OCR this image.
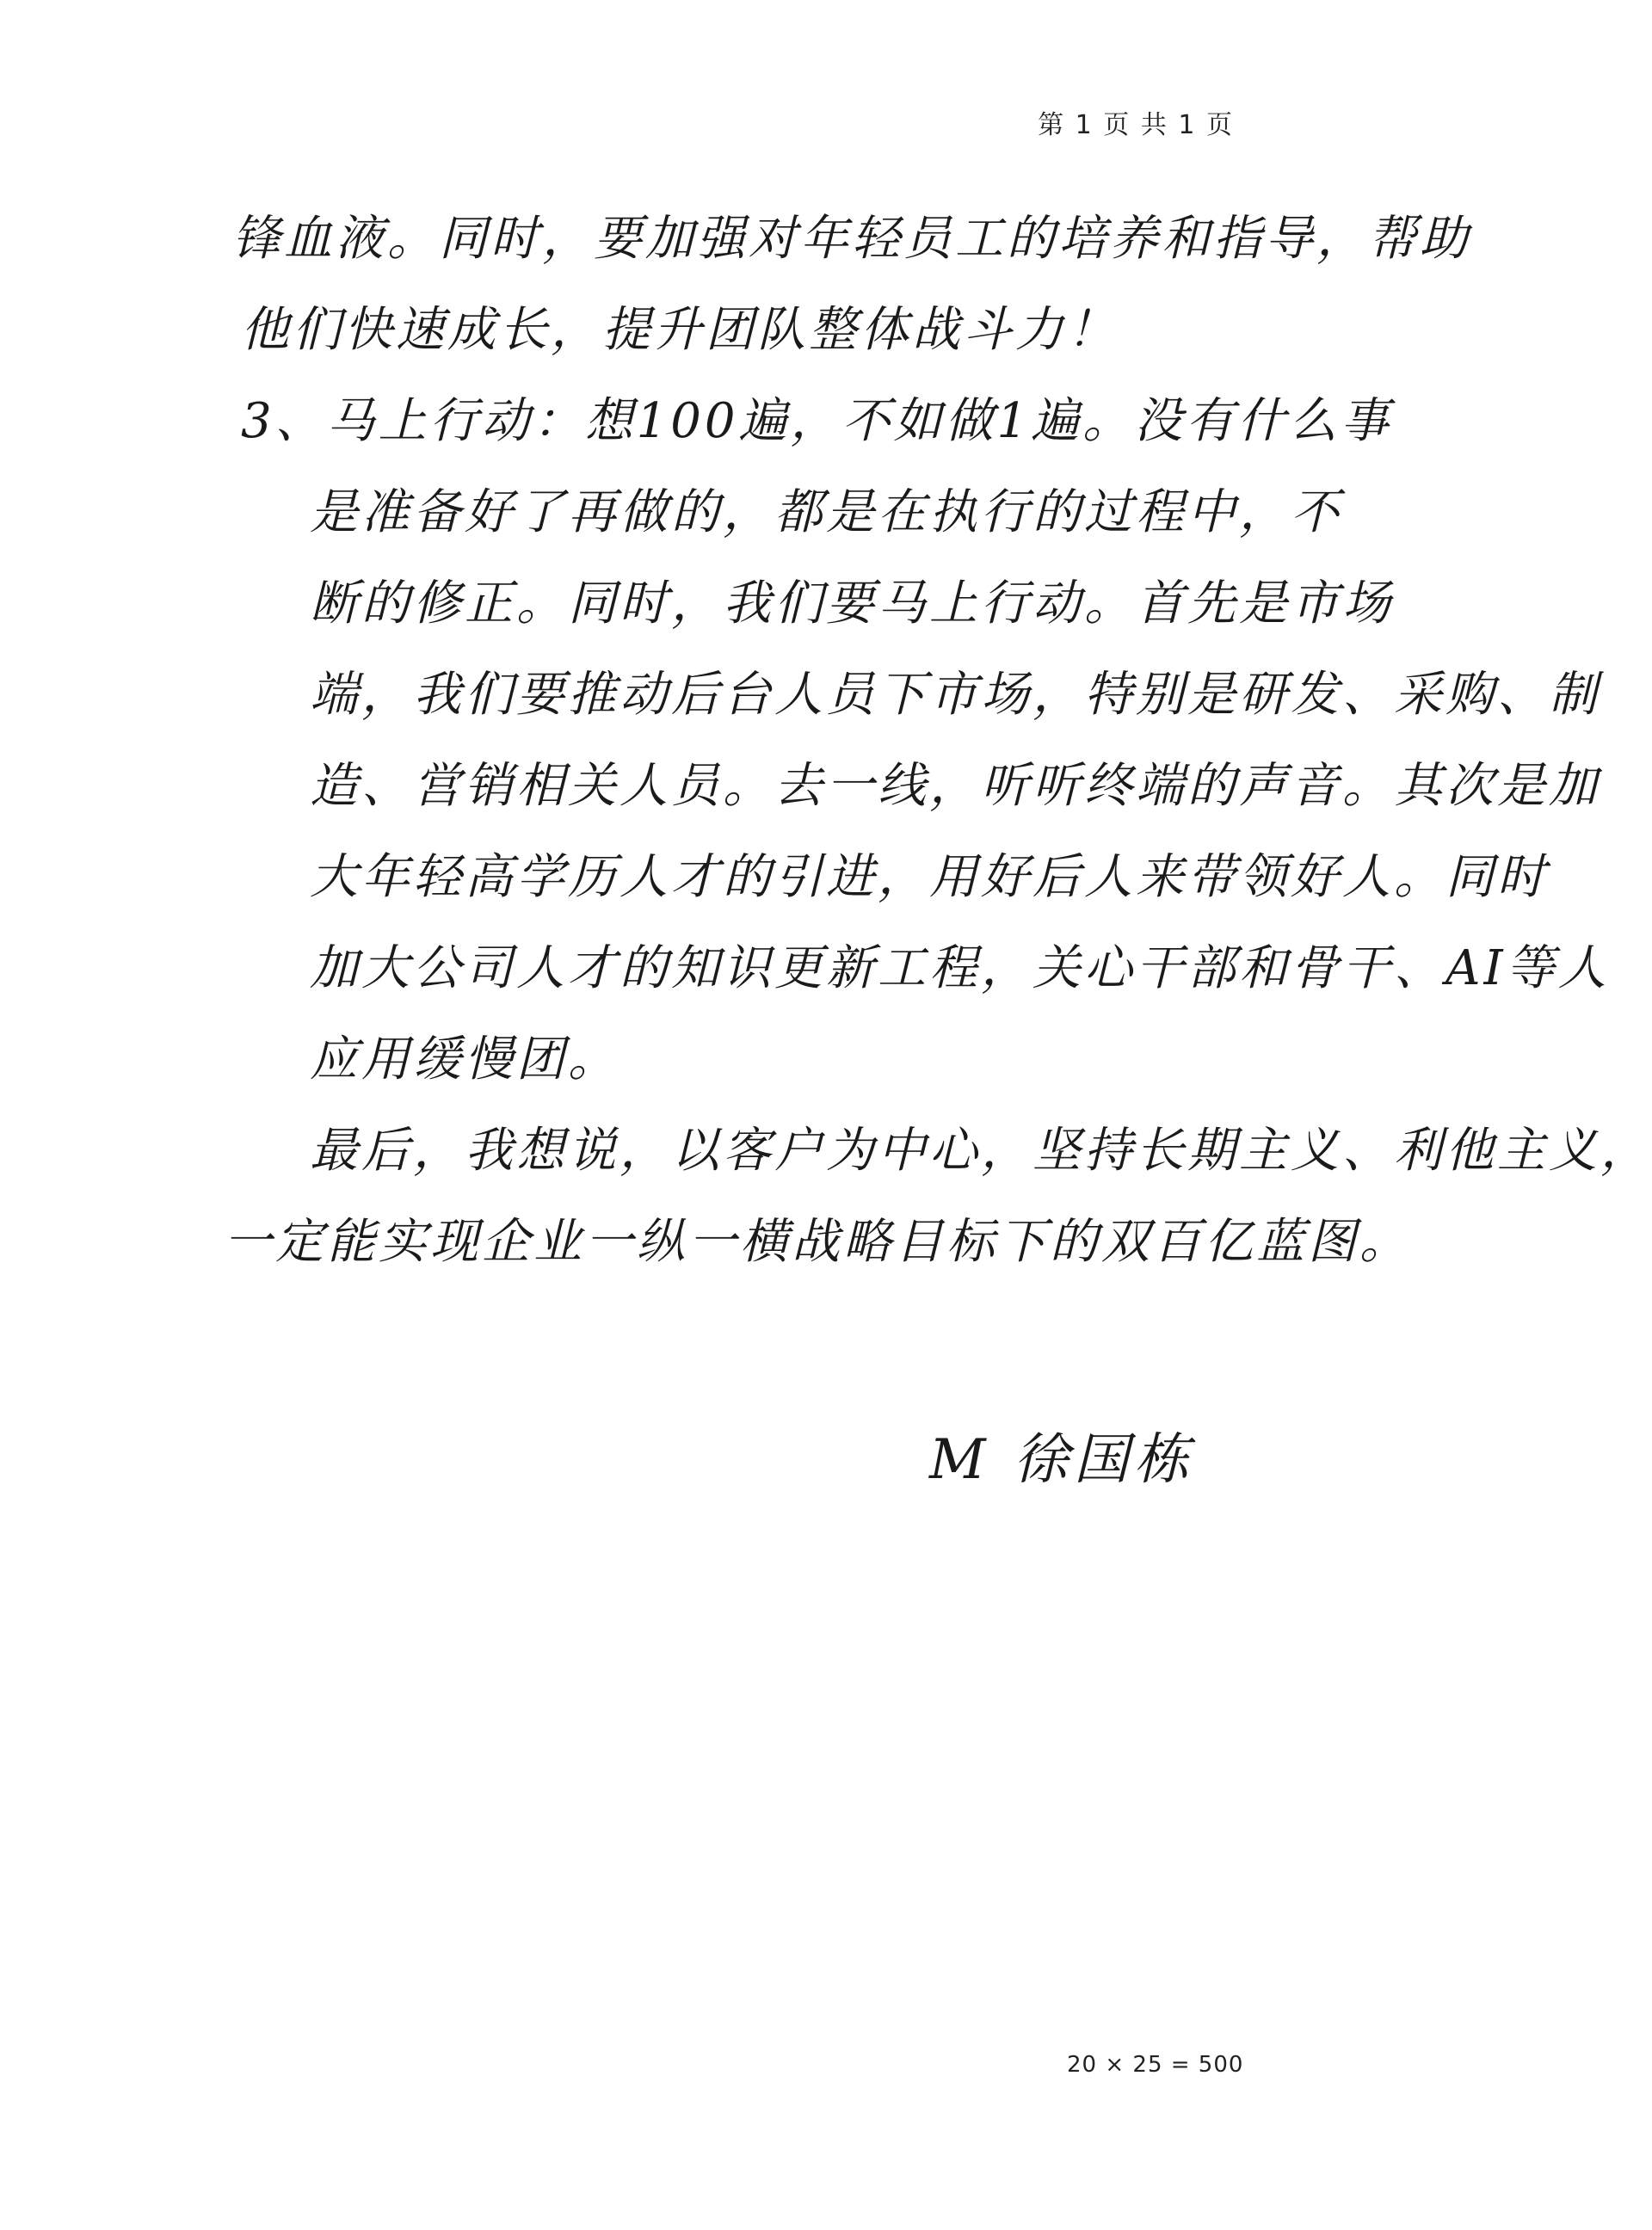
第 1 页 共 1 页
锋血液。同时，要加强对年轻员工的培养和指导，帮助
他们快速成长，提升团队整体战斗力！
3、马上行动：想100遍，不如做1遍。没有什么事
是准备好了再做的，都是在执行的过程中，不
断的修正。同时，我们要马上行动。首先是市场
端，我们要推动后台人员下市场，特别是研发、采购、制
造、営销相关人员。去一线，听听终端的声音。其次是加
大年轻高学历人才的引进，用好后人来带领好人。同时
加大公司人才的知识更新工程，关心干部和骨干、AI等人
应用缓慢团。
最后，我想说，以客户为中心，坚持长期主义、利他主义，
一定能实现企业一纵一横战略目标下的双百亿蓝图。
M 徐国栋
20 × 25 = 500
